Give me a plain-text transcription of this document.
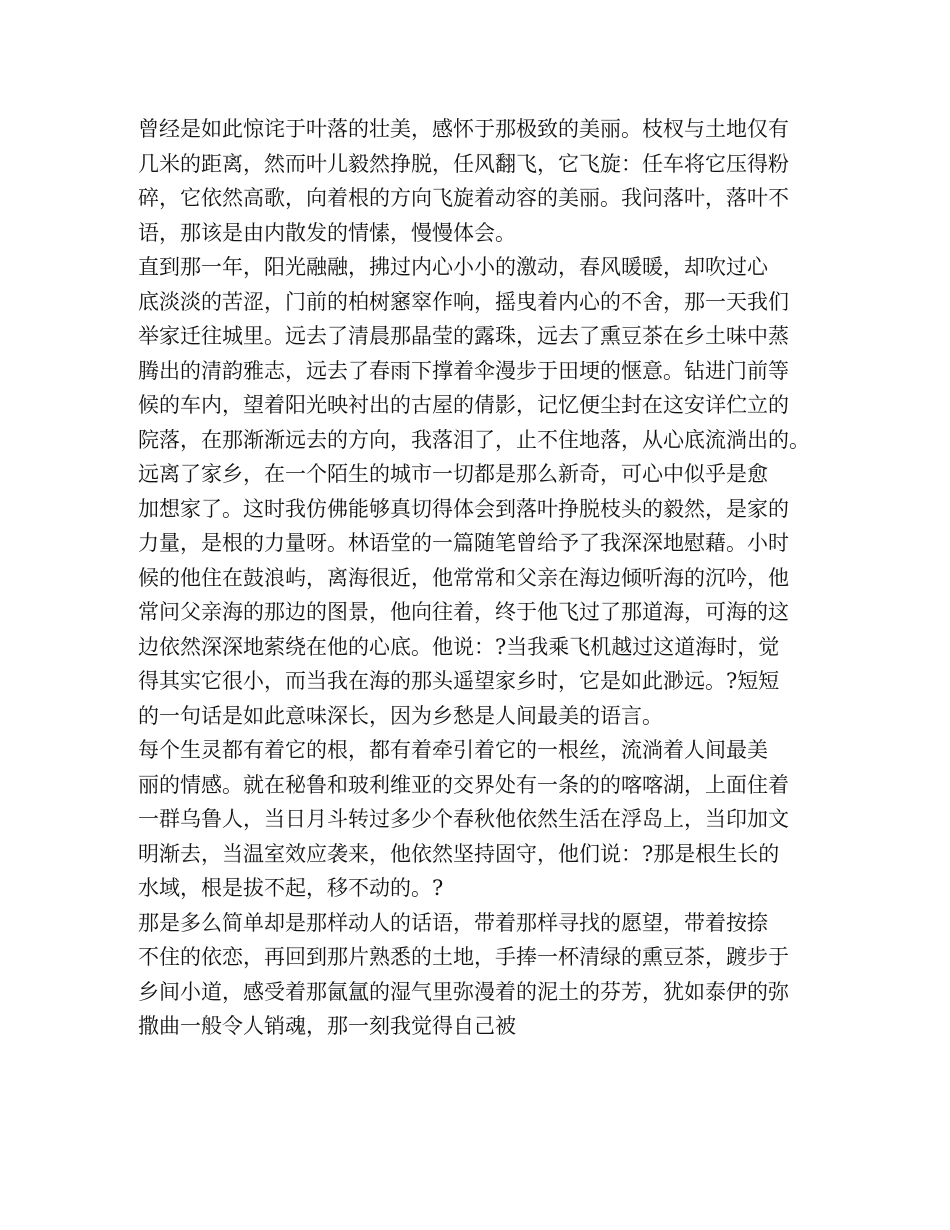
曾经是如此惊诧于叶落的壮美，感怀于那极致的美丽。枝杈与土地仅有
几米的距离，然而叶儿毅然挣脱，任风翻飞，它飞旋：任车将它压得粉
碎，它依然高歌，向着根的方向飞旋着动容的美丽。我问落叶，落叶不
语，那该是由内散发的情愫，慢慢体会。

直到那一年，阳光融融，拂过内心小小的激动，春风暖暖，却吹过心
底淡淡的苦涩，门前的柏树窸窣作响，摇曳着内心的不舍，那一天我们
举家迁往城里。远去了清晨那晶莹的露珠，远去了熏豆茶在乡土味中蒸
腾出的清韵雅志，远去了春雨下撑着伞漫步于田埂的惬意。钻进门前等
候的车内，望着阳光映衬出的古屋的倩影，记忆便尘封在这安详伫立的
院落，在那渐渐远去的方向，我落泪了，止不住地落，从心底流淌出的。

远离了家乡，在一个陌生的城市一切都是那么新奇，可心中似乎是愈
加想家了。这时我仿佛能够真切得体会到落叶挣脱枝头的毅然，是家的
力量，是根的力量呀。林语堂的一篇随笔曾给予了我深深地慰藉。小时
候的他住在鼓浪屿，离海很近，他常常和父亲在海边倾听海的沉吟，他
常问父亲海的那边的图景，他向往着，终于他飞过了那道海，可海的这
边依然深深地萦绕在他的心底。他说：?当我乘飞机越过这道海时，觉
得其实它很小，而当我在海的那头遥望家乡时，它是如此渺远。?短短
的一句话是如此意味深长，因为乡愁是人间最美的语言。

每个生灵都有着它的根，都有着牵引着它的一根丝，流淌着人间最美
丽的情感。就在秘鲁和玻利维亚的交界处有一条的的喀喀湖，上面住着
一群乌鲁人，当日月斗转过多少个春秋他依然生活在浮岛上，当印加文
明渐去，当温室效应袭来，他依然坚持固守，他们说：?那是根生长的
水域，根是拔不起，移不动的。?

那是多么简单却是那样动人的话语，带着那样寻找的愿望，带着按捺
不住的依恋，再回到那片熟悉的土地，手捧一杯清绿的熏豆茶，踱步于
乡间小道，感受着那氤氲的湿气里弥漫着的泥土的芬芳，犹如泰伊的弥
撒曲一般令人销魂，那一刻我觉得自己被
